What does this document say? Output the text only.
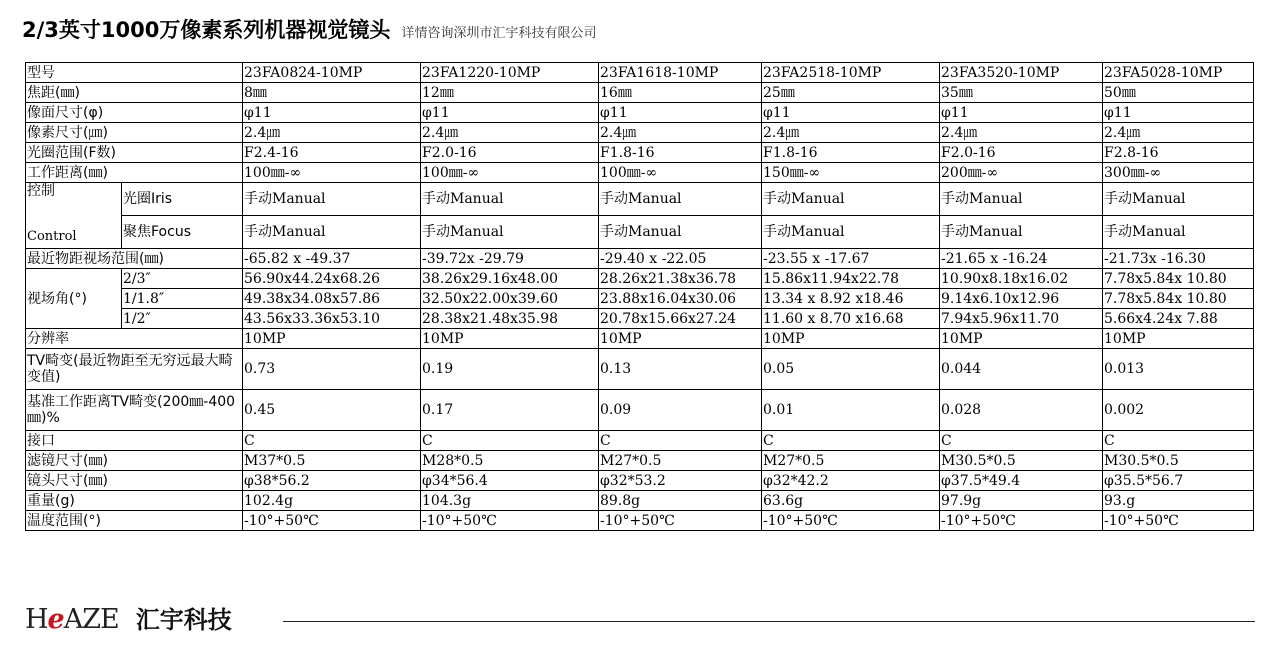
2/3英寸1000万像素系列机器视觉镜头 详情咨询深圳市汇宇科技有限公司
型号		23FA0824-10MP	23FA1220-10MP	23FA1618-10MP	23FA2518-10MP	23FA3520-10MP	23FA5028-10MP
焦距(㎜)		8㎜	12㎜	16㎜	25㎜	35㎜	50㎜
像面尺寸(φ)		φ11	φ11	φ11	φ11	φ11	φ11
像素尺寸(㎛)		2.4㎛	2.4㎛	2.4㎛	2.4㎛	2.4㎛	2.4㎛
光圈范围(F数)		F2.4-16	F2.0-16	F1.8-16	F1.8-16	F2.0-16	F2.8-16
工作距离(㎜)		100㎜-∞	100㎜-∞	100㎜-∞	150㎜-∞	200㎜-∞	300㎜-∞

控制
Control	光圈Iris	手动Manual	手动Manual	手动Manual	手动Manual	手动Manual	手动Manual
	聚焦Focus	手动Manual	手动Manual	手动Manual	手动Manual	手动Manual	手动Manual
最近物距视场范围(㎜)		-65.82 x -49.37	-39.72x -29.79	-29.40 x -22.05	-23.55 x -17.67	-21.65 x -16.24	-21.73x -16.30
视场角(°)	2/3″	56.90x44.24x68.26	38.26x29.16x48.00	28.26x21.38x36.78	15.86x11.94x22.78	10.90x8.18x16.02	7.78x5.84x 10.80
	1/1.8″	49.38x34.08x57.86	32.50x22.00x39.60	23.88x16.04x30.06	13.34 x 8.92 x18.46	9.14x6.10x12.96	7.78x5.84x 10.80
	1/2″	43.56x33.36x53.10	28.38x21.48x35.98	20.78x15.66x27.24	11.60 x 8.70 x16.68	7.94x5.96x11.70	5.66x4.24x 7.88
分辨率		10MP	10MP	10MP	10MP	10MP	10MP
TV畸变(最近物距至无穷远最大畸变值)		0.73	0.19	0.13	0.05	0.044	0.013
基准工作距离TV畸变(200㎜-400㎜)%		0.45	0.17	0.09	0.01	0.028	0.002
接口		C	C	C	C	C	C
滤镜尺寸(㎜)		M37*0.5	M28*0.5	M27*0.5	M27*0.5	M30.5*0.5	M30.5*0.5
镜头尺寸(㎜)		φ38*56.2	φ34*56.4	φ32*53.2	φ32*42.2	φ37.5*49.4	φ35.5*56.7
重量(g)		102.4g	104.3g	89.8g	63.6g	97.9g	93.g
温度范围(°)		-10°+50℃	-10°+50℃	-10°+50℃	-10°+50℃	-10°+50℃	-10°+50℃
HeAZE 汇宇科技
